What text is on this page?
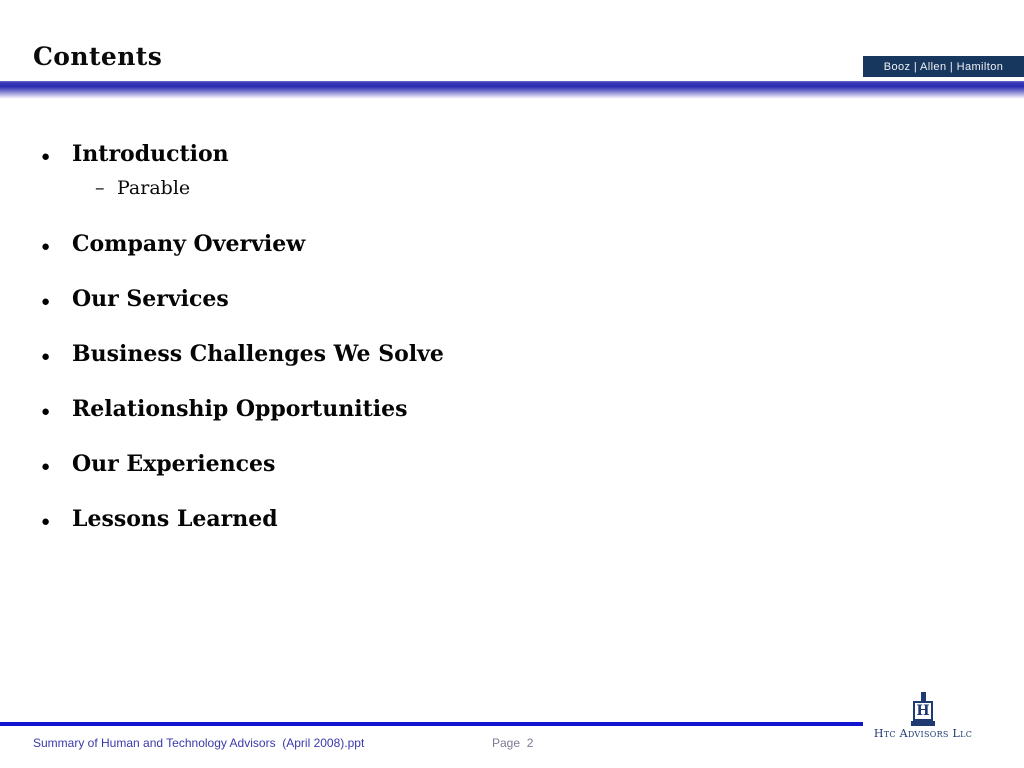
Contents	Booz | Allen | Hamilton
● Introduction
– Parable
● Company Overview
● Our Services
● Business Challenges We Solve
● Relationship Opportunities
● Our Experiences
● Lessons Learned
Summary of Human and Technology Advisors  (April 2008).ppt	Page  2
H
Htc Advisors Llc
